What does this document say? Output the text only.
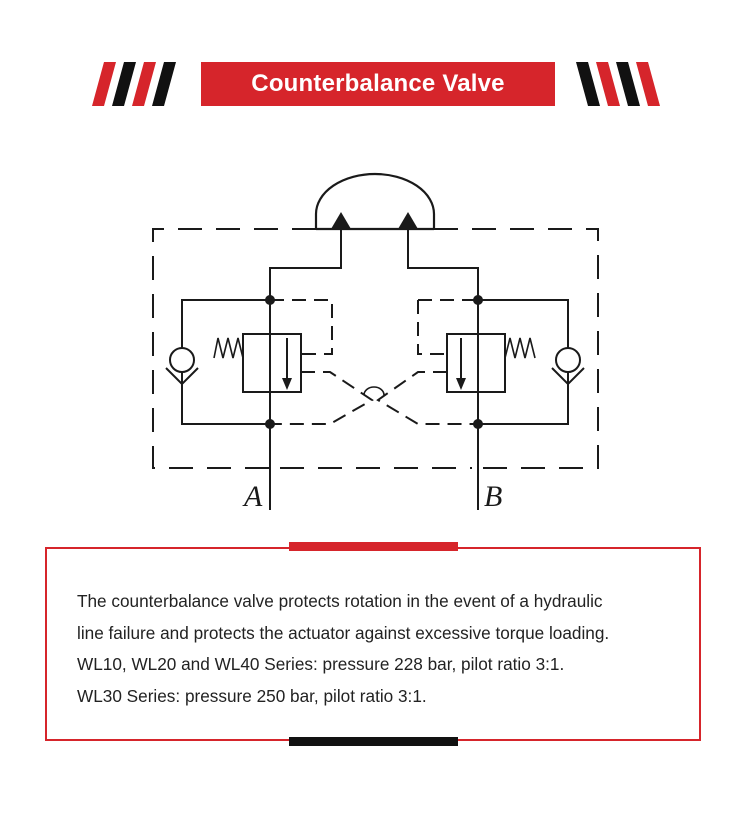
Counterbalance Valve
A	B
The counterbalance valve protects rotation in the event of a hydraulic
line failure and protects the actuator against excessive torque loading.
WL10, WL20 and WL40 Series: pressure 228 bar, pilot ratio 3:1.
WL30 Series: pressure 250 bar, pilot ratio 3:1.
